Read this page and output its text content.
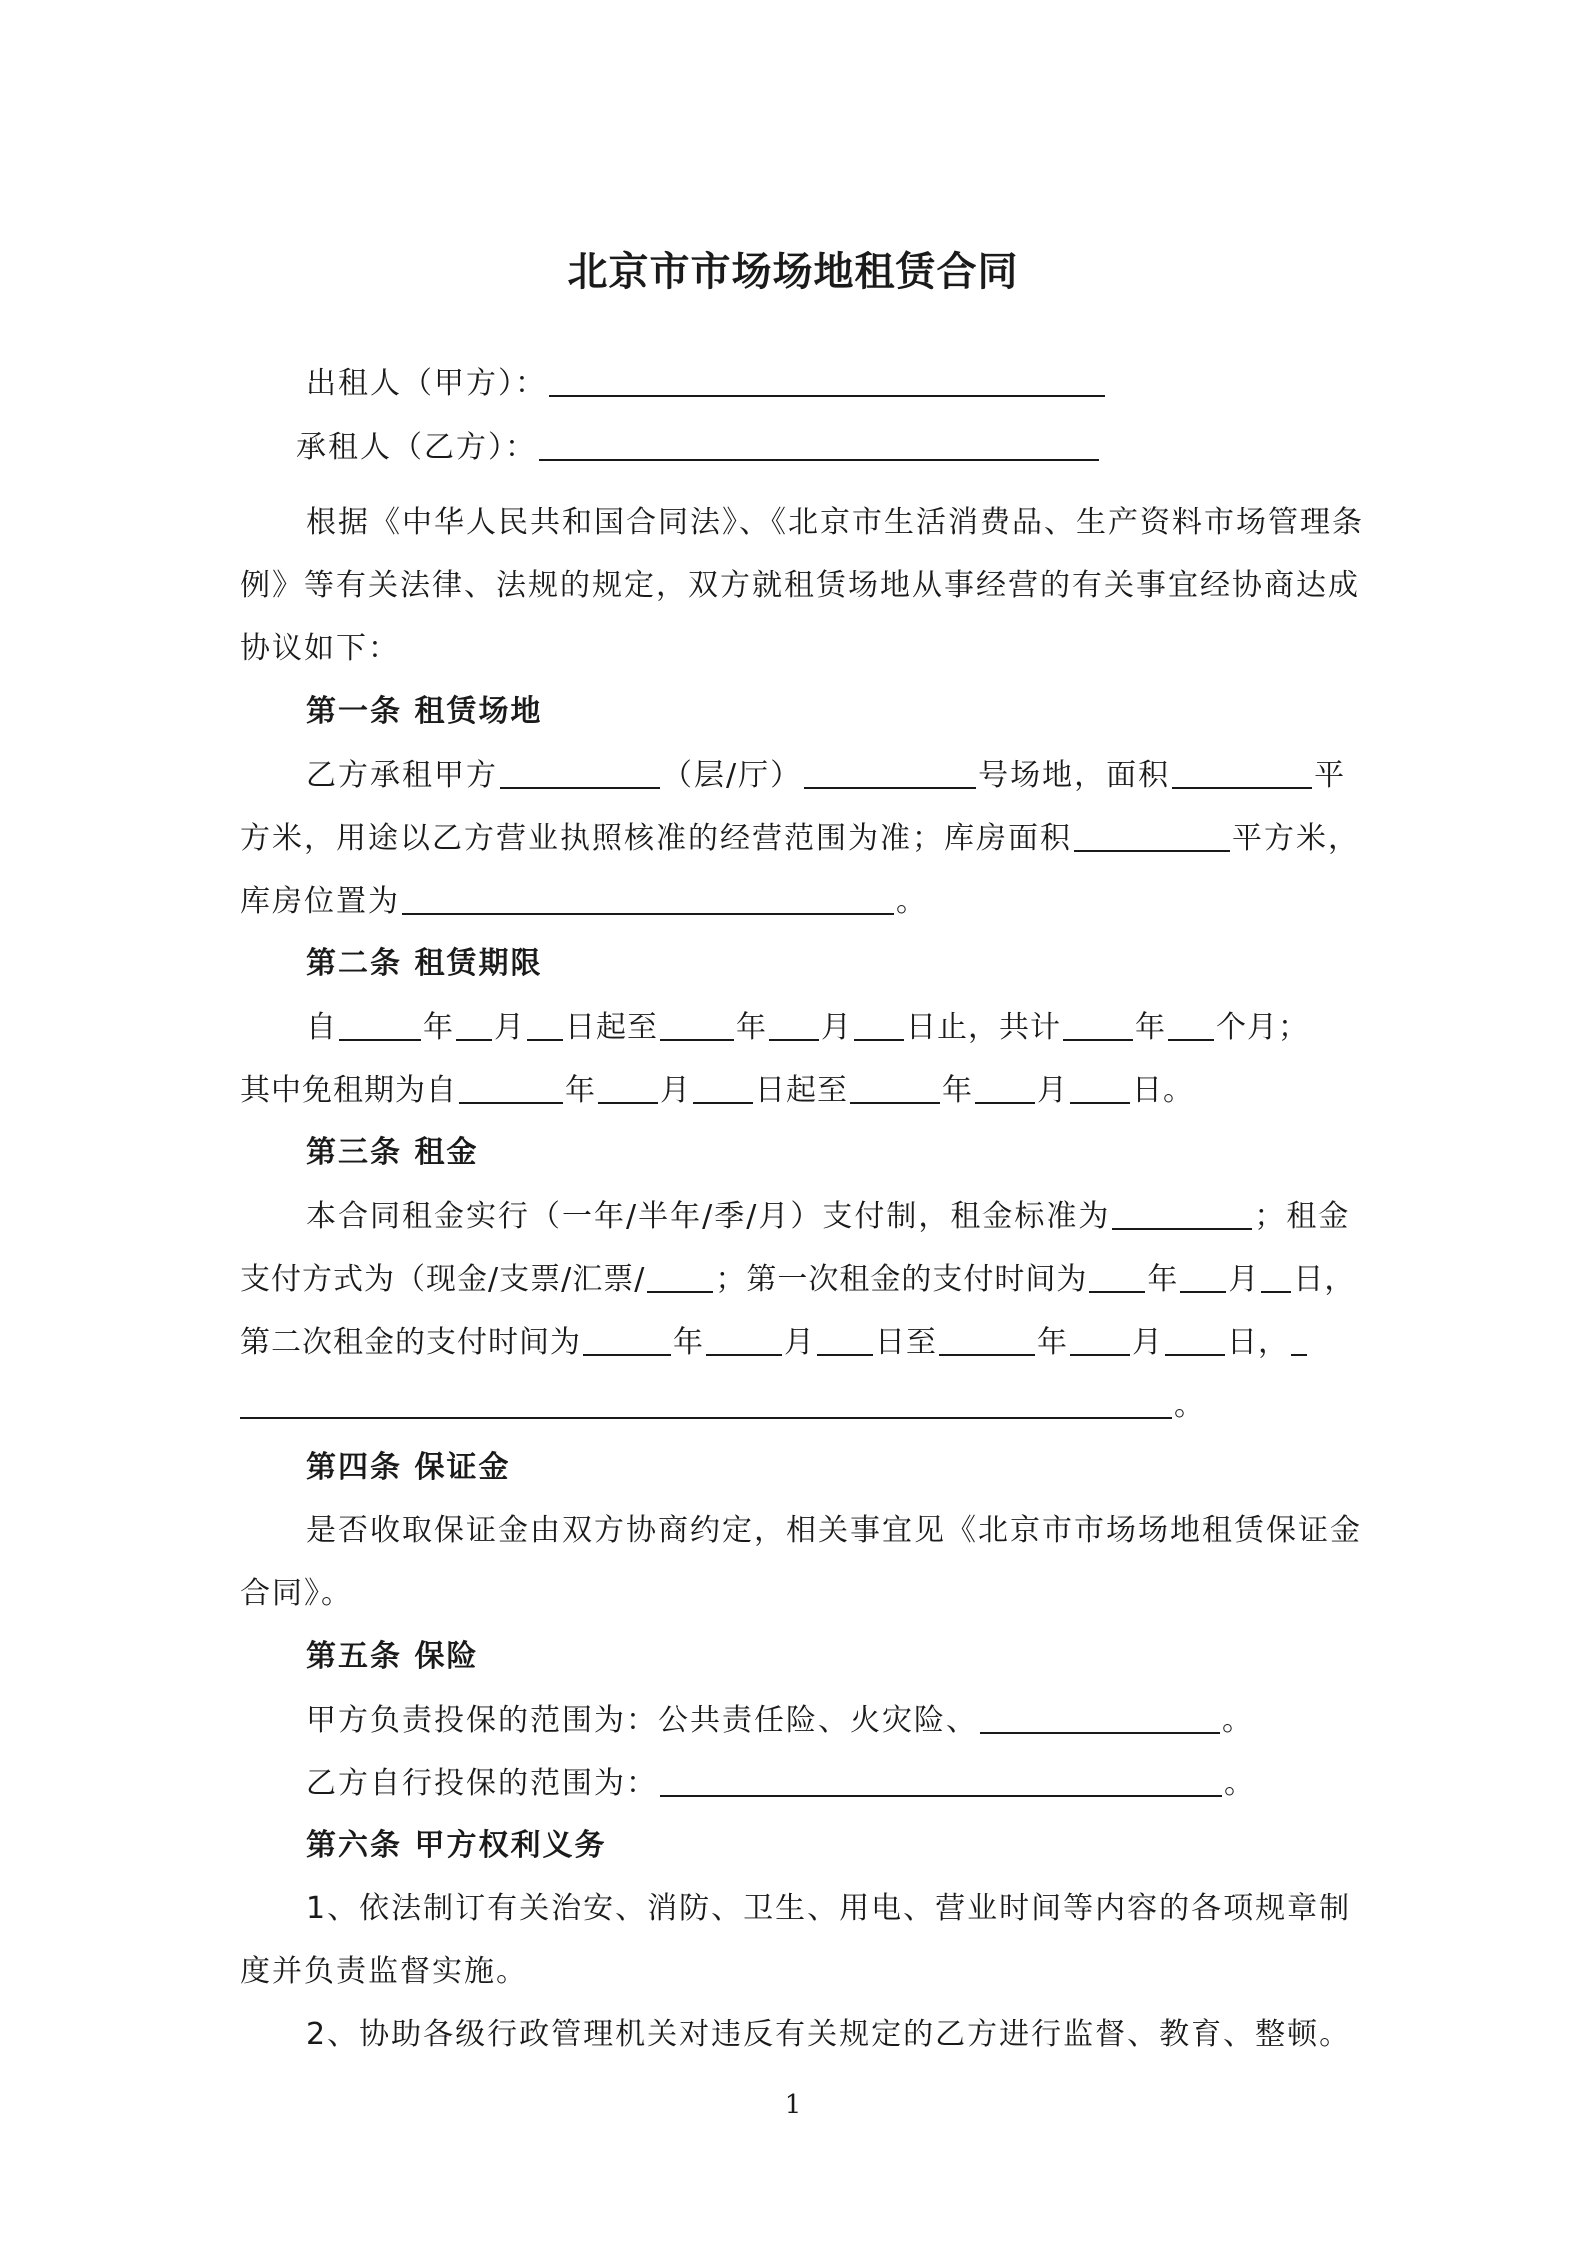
北京市市场场地租赁合同
出租人（甲方）：
承租人（乙方）：
根据《中华人民共和国合同法》、《北京市生活消费品、生产资料市场管理条
例》等有关法律、法规的规定，双方就租赁场地从事经营的有关事宜经协商达成
协议如下：
第一条 租赁场地
乙方承租甲方	（层/厅）	号场地，面积	平
方米，用途以乙方营业执照核准的经营范围为准；库房面积	平方米，
库房位置为	。
第二条 租赁期限
自	年 月 日起至	年 月 日止，共计 年 个月；
其中免租期为自	年 月 日起至	年 月 日。
第三条 租金
本合同租金实行（一年/半年/季/月）支付制，租金标准为	；租金
支付方式为（现金/支票/汇票/ ；第一次租金的支付时间为 年 月 日，
第二次租金的支付时间为	年	月 日至	年 月 日，
。
第四条 保证金
是否收取保证金由双方协商约定，相关事宜见《北京市市场场地租赁保证金
合同》。
第五条 保险
甲方负责投保的范围为：公共责任险、火灾险、	。
乙方自行投保的范围为：	。
第六条 甲方权利义务
1、依法制订有关治安、消防、卫生、用电、营业时间等内容的各项规章制
度并负责监督实施。
2、协助各级行政管理机关对违反有关规定的乙方进行监督、教育、整顿。
1
